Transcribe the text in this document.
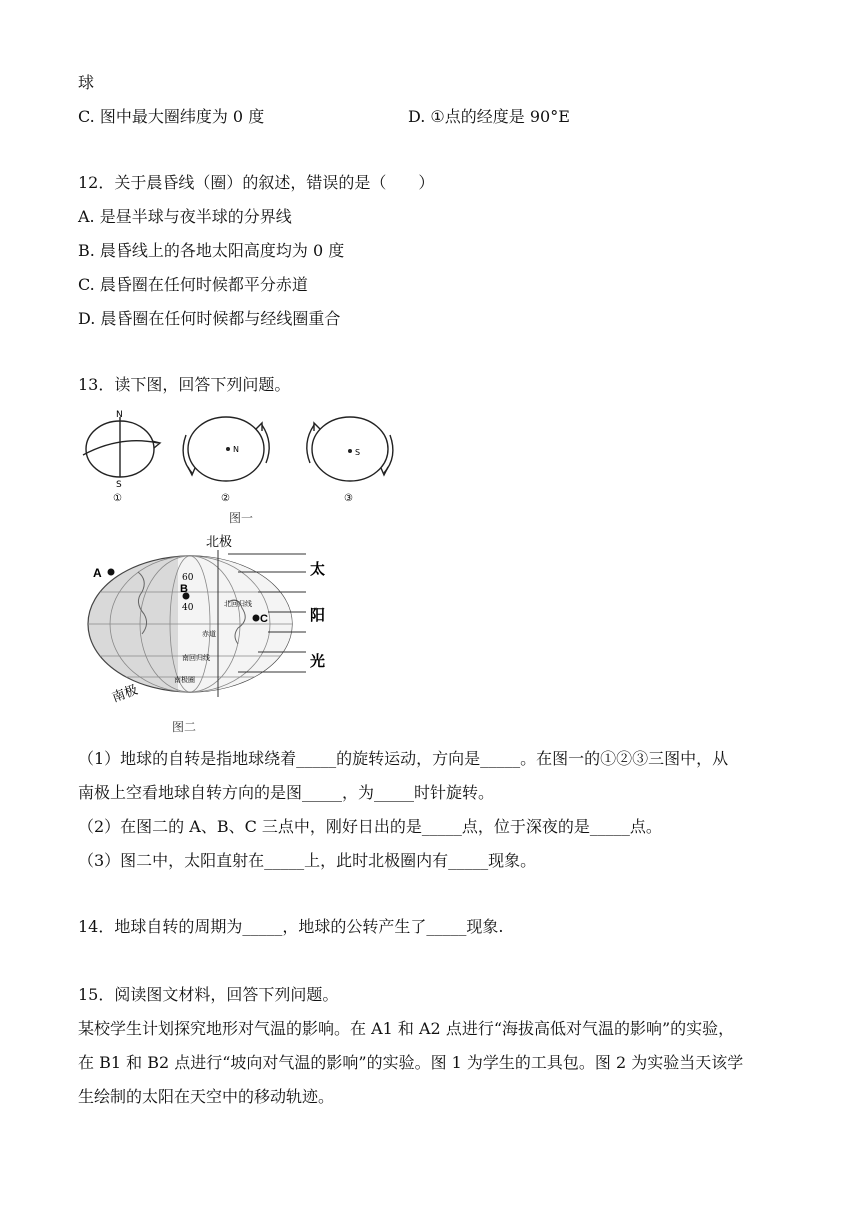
球
C. 图中最大圈纬度为 0 度	D. ①点的经度是 90°E
12．关于晨昏线（圈）的叙述，错误的是（　　）
A. 是昼半球与夜半球的分界线
B. 晨昏线上的各地太阳高度均为 0 度
C. 晨昏圈在任何时候都平分赤道
D. 晨昏圈在任何时候都与经线圈重合
13．读下图，回答下列问题。
N
S
N	S
①	②	③
图一
A
B
C
北极
南极
60
40	北回归线
赤道
南回归线
南极圈
太
阳
光
图二
（1）地球的自转是指地球绕着_____的旋转运动，方向是_____。在图一的①②③三图中，从
南极上空看地球自转方向的是图_____，为_____时针旋转。
（2）在图二的 A、B、C 三点中，刚好日出的是_____点，位于深夜的是_____点。
（3）图二中，太阳直射在_____上，此时北极圈内有_____现象。
14．地球自转的周期为_____，地球的公转产生了_____现象.
15．阅读图文材料，回答下列问题。
某校学生计划探究地形对气温的影响。在 A1 和 A2 点进行“海拔高低对气温的影响”的实验，
在 B1 和 B2 点进行“坡向对气温的影响”的实验。图 1 为学生的工具包。图 2 为实验当天该学
生绘制的太阳在天空中的移动轨迹。
